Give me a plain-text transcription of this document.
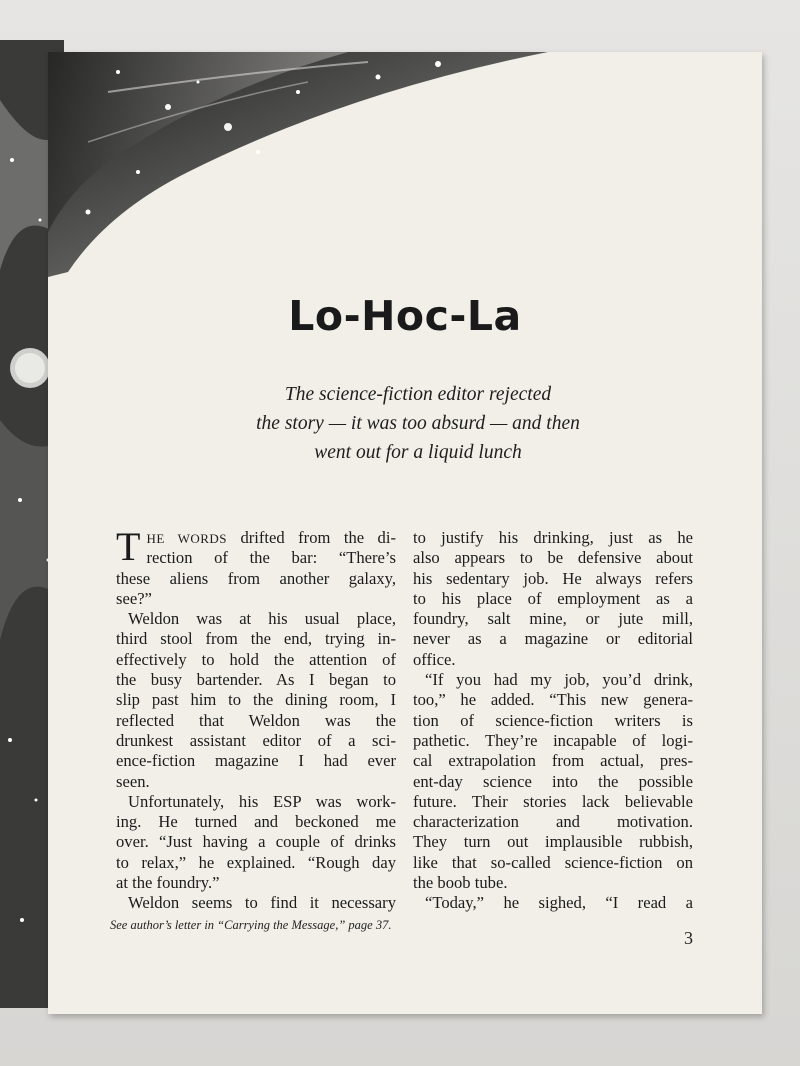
Lo-Hoc-La
The science-fiction editor rejected
the story — it was too absurd — and then
went out for a liquid lunch
T HE WORDS drifted from the di-
rection of the bar: “There’s
these aliens from another galaxy,
see?”
Weldon was at his usual place,
third stool from the end, trying in-
effectively to hold the attention of
the busy bartender. As I began to
slip past him to the dining room, I
reflected that Weldon was the
drunkest assistant editor of a sci-
ence-fiction magazine I had ever
seen.
Unfortunately, his ESP was work-
ing. He turned and beckoned me
over. “Just having a couple of drinks
to relax,” he explained. “Rough day
at the foundry.”
Weldon seems to find it necessary
to justify his drinking, just as he
also appears to be defensive about
his sedentary job. He always refers
to his place of employment as a
foundry, salt mine, or jute mill,
never as a magazine or editorial
office.
“If you had my job, you’d drink,
too,” he added. “This new genera-
tion of science-fiction writers is
pathetic. They’re incapable of logi-
cal extrapolation from actual, pres-
ent-day science into the possible
future. Their stories lack believable
characterization and motivation.
They turn out implausible rubbish,
like that so-called science-fiction on
the boob tube.
“Today,” he sighed, “I read a
See author’s letter in “Carrying the Message,” page 37.
3
